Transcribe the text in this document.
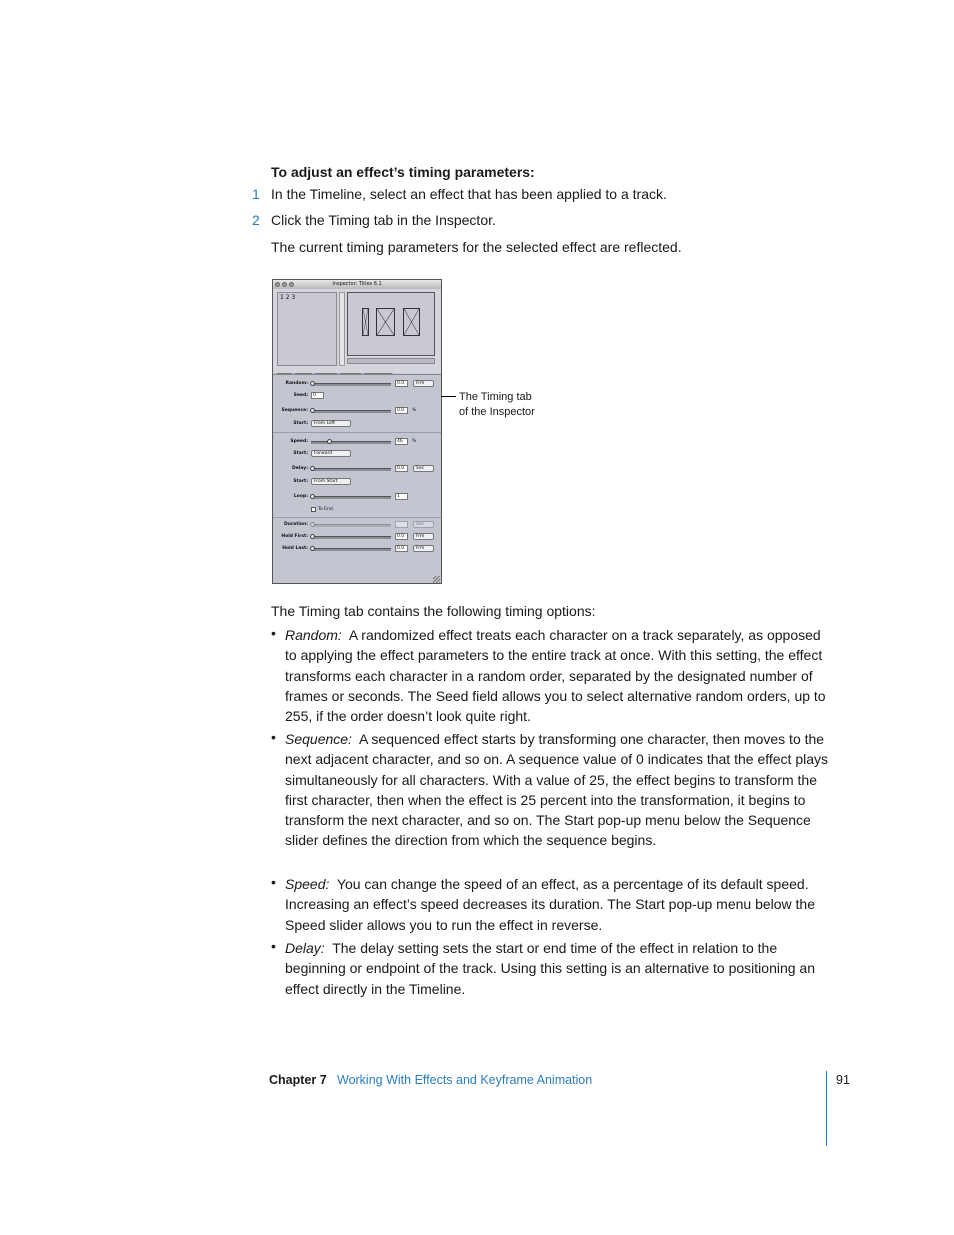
To adjust an effect’s timing parameters:
1 In the Timeline, select an effect that has been applied to a track.
2 Click the Timing tab in the Inspector.
The current timing parameters for the selected effect are reflected.
Inspector: Titles 6.1
1 2 3
Random:	0.0	Frm
Seed:	0
Sequence:	0.0	%
Start:	From Left
Speed:	46.	%
Start:	Forward
Delay:	0.0	Sec
Start:	From Start
Loop:	1
To End
Duration:	Sec
Hold First:	0.0	Frm
Hold Last:	0.0	Frm
The Timing tab
of the Inspector
The Timing tab contains the following timing options:
• Random: A randomized effect treats each character on a track separately, as opposed to applying the effect parameters to the entire track at once. With this setting, the effect transforms each character in a random order, separated by the designated number of frames or seconds. The Seed field allows you to select alternative random orders, up to 255, if the order doesn’t look quite right.
• Sequence: A sequenced effect starts by transforming one character, then moves to the next adjacent character, and so on. A sequence value of 0 indicates that the effect plays simultaneously for all characters. With a value of 25, the effect begins to transform the first character, then when the effect is 25 percent into the transformation, it begins to transform the next character, and so on. The Start pop-up menu below the Sequence slider defines the direction from which the sequence begins.
• Speed: You can change the speed of an effect, as a percentage of its default speed. Increasing an effect’s speed decreases its duration. The Start pop-up menu below the Speed slider allows you to run the effect in reverse.
• Delay: The delay setting sets the start or end time of the effect in relation to the beginning or endpoint of the track. Using this setting is an alternative to positioning an effect directly in the Timeline.
Chapter 7 Working With Effects and Keyframe Animation	91
